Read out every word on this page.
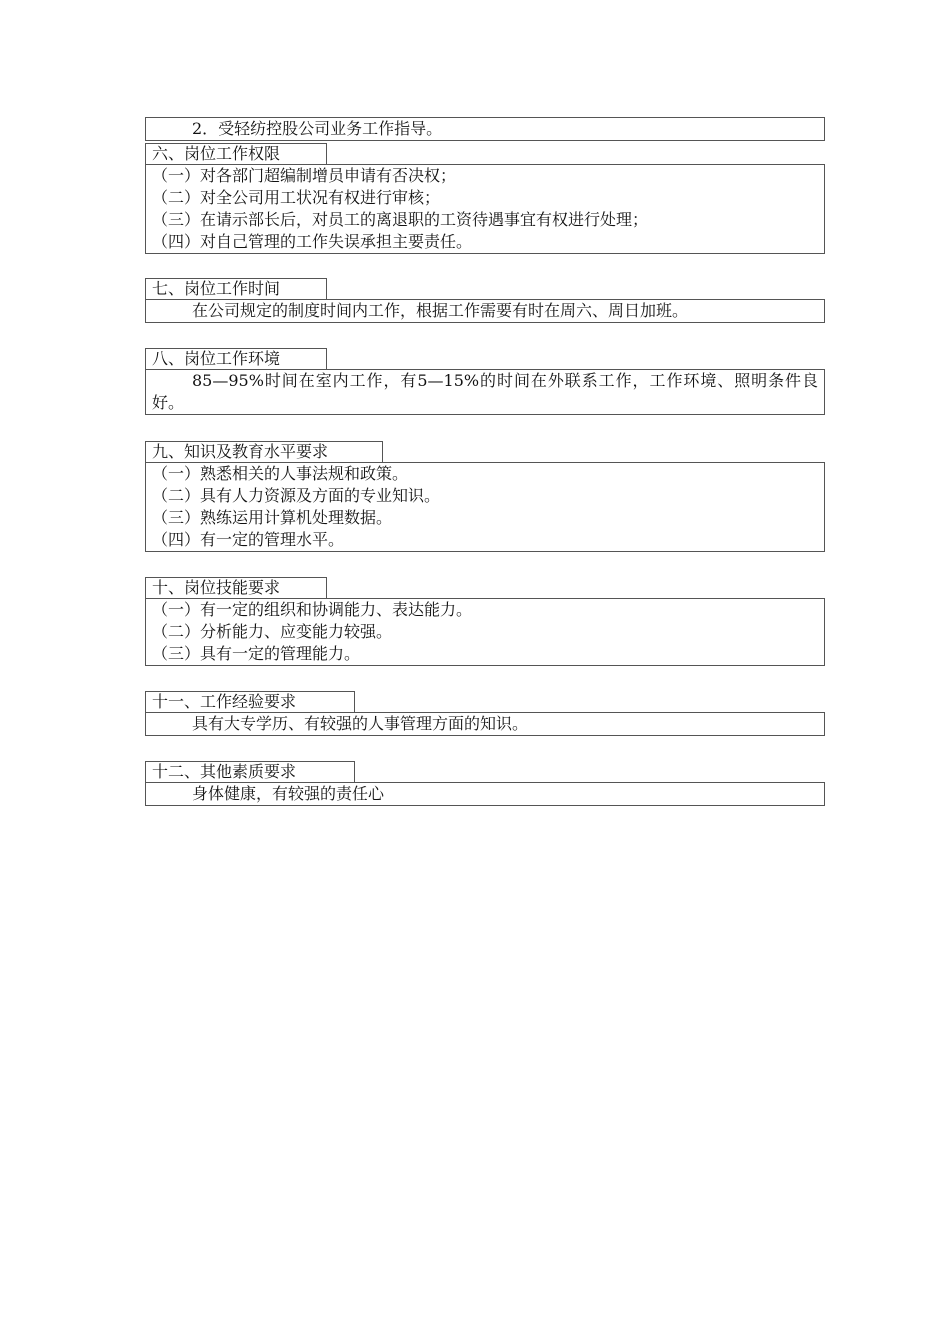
2．受轻纺控股公司业务工作指导。
六、岗位工作权限
（一）对各部门超编制增员申请有否决权；
（二）对全公司用工状况有权进行审核；
（三）在请示部长后，对员工的离退职的工资待遇事宜有权进行处理；
（四）对自己管理的工作失误承担主要责任。
七、岗位工作时间
在公司规定的制度时间内工作，根据工作需要有时在周六、周日加班。
八、岗位工作环境
85—95%时间在室内工作，有5—15%的时间在外联系工作，工作环境、照明条件良好。
九、知识及教育水平要求
（一）熟悉相关的人事法规和政策。
（二）具有人力资源及方面的专业知识。
（三）熟练运用计算机处理数据。
（四）有一定的管理水平。
十、岗位技能要求
（一）有一定的组织和协调能力、表达能力。
（二）分析能力、应变能力较强。
（三）具有一定的管理能力。
十一、工作经验要求
具有大专学历、有较强的人事管理方面的知识。
十二、其他素质要求
身体健康，有较强的责任心
